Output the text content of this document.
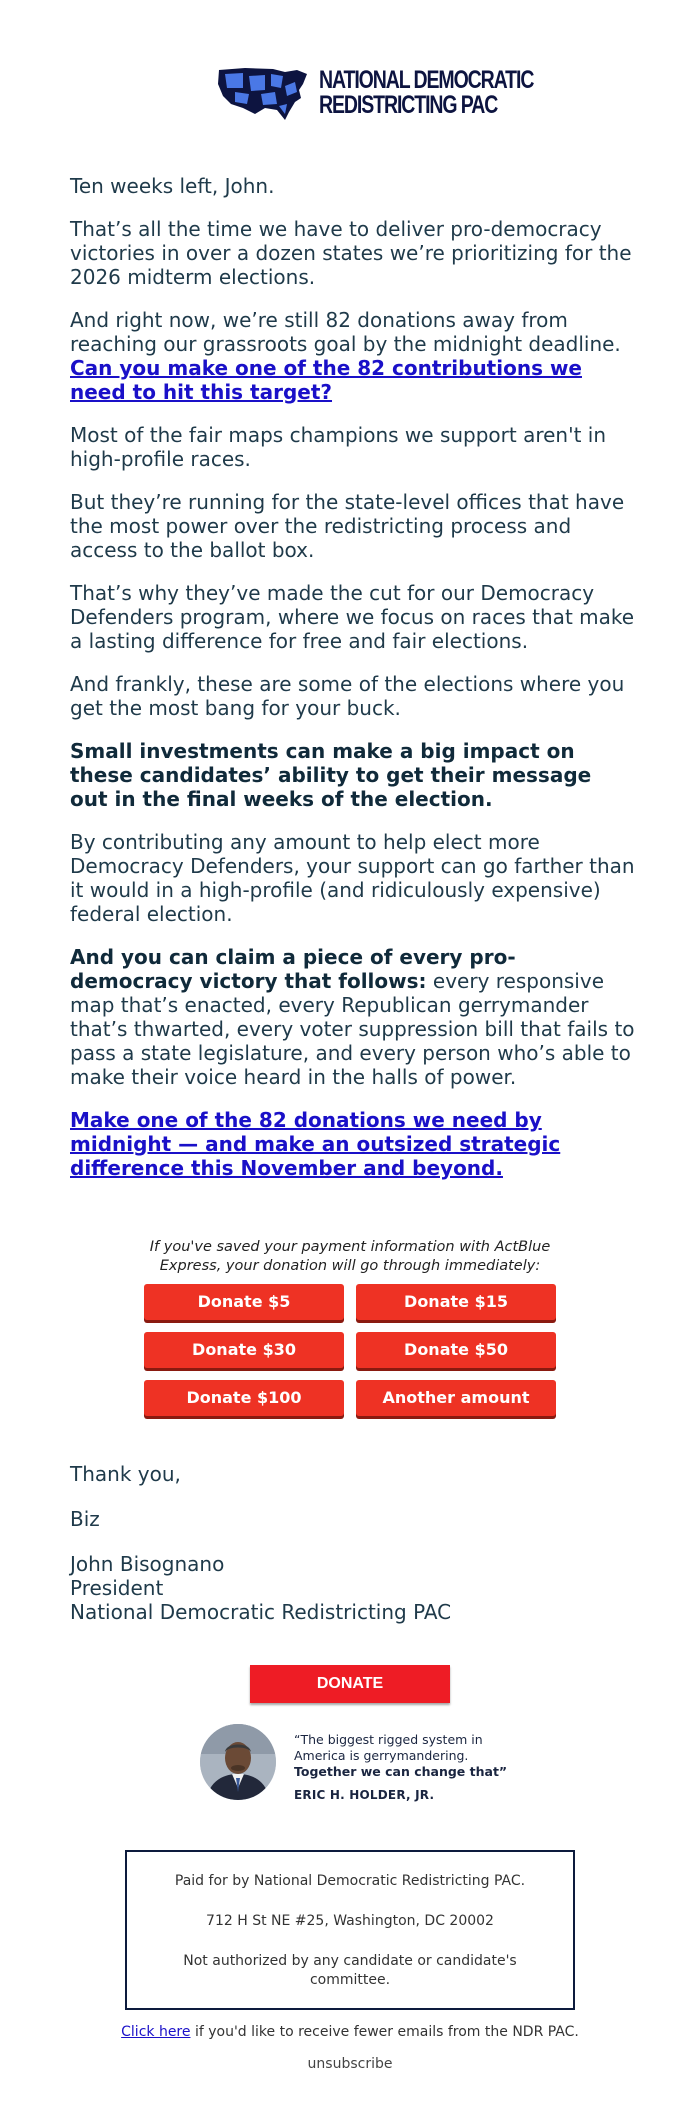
NATIONAL DEMOCRATIC
REDISTRICTING PAC

Ten weeks left, John.

That’s all the time we have to deliver pro-democracy victories in over a dozen states we’re prioritizing for the 2026 midterm elections.

And right now, we’re still 82 donations away from reaching our grassroots goal by the midnight deadline.
Can you make one of the 82 contributions we need to hit this target?

Most of the fair maps champions we support aren't in high-profile races.

But they’re running for the state-level offices that have the most power over the redistricting process and access to the ballot box.

That’s why they’ve made the cut for our Democracy Defenders program, where we focus on races that make a lasting difference for free and fair elections.

And frankly, these are some of the elections where you get the most bang for your buck.

Small investments can make a big impact on these candidates’ ability to get their message out in the final weeks of the election.

By contributing any amount to help elect more Democracy Defenders, your support can go farther than it would in a high-profile (and ridiculously expensive) federal election.

And you can claim a piece of every pro-democracy victory that follows: every responsive map that’s enacted, every Republican gerrymander that’s thwarted, every voter suppression bill that fails to pass a state legislature, and every person who’s able to make their voice heard in the halls of power.

Make one of the 82 donations we need by midnight — and make an outsized strategic difference this November and beyond.

If you've saved your payment information with ActBlue Express, your donation will go through immediately:

Donate $5	Donate $15
Donate $30	Donate $50
Donate $100	Another amount

Thank you,

Biz

John Bisognano
President
National Democratic Redistricting PAC
DONATE
“The biggest rigged system in America is gerrymandering.
Together we can change that”
ERIC H. HOLDER, JR.

Paid for by National Democratic Redistricting PAC.

712 H St NE #25, Washington, DC 20002

Not authorized by any candidate or candidate's committee.

Click here if you'd like to receive fewer emails from the NDR PAC.
unsubscribe
